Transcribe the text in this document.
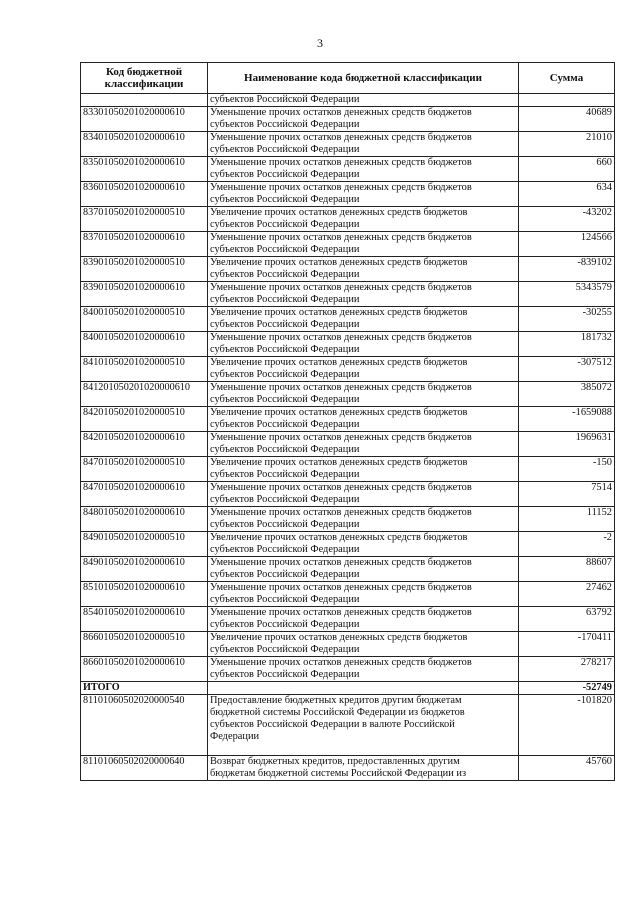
3
Код бюджетной классификации	Наименование кода бюджетной классификации	Сумма
	субъектов Российской Федерации	
83301050201020000610	Уменьшение прочих остатков денежных средств бюджетов
субъектов Российской Федерации	40689
83401050201020000610	Уменьшение прочих остатков денежных средств бюджетов
субъектов Российской Федерации	21010
83501050201020000610	Уменьшение прочих остатков денежных средств бюджетов
субъектов Российской Федерации	660
83601050201020000610	Уменьшение прочих остатков денежных средств бюджетов
субъектов Российской Федерации	634
83701050201020000510	Увеличение прочих остатков денежных средств бюджетов
субъектов Российской Федерации	-43202
83701050201020000610	Уменьшение прочих остатков денежных средств бюджетов
субъектов Российской Федерации	124566
83901050201020000510	Увеличение прочих остатков денежных средств бюджетов
субъектов Российской Федерации	-839102
83901050201020000610	Уменьшение прочих остатков денежных средств бюджетов
субъектов Российской Федерации	5343579
84001050201020000510	Увеличение прочих остатков денежных средств бюджетов
субъектов Российской Федерации	-30255
84001050201020000610	Уменьшение прочих остатков денежных средств бюджетов
субъектов Российской Федерации	181732
84101050201020000510	Увеличение прочих остатков денежных средств бюджетов
субъектов Российской Федерации	-307512
841201050201020000610	Уменьшение прочих остатков денежных средств бюджетов
субъектов Российской Федерации	385072
84201050201020000510	Увеличение прочих остатков денежных средств бюджетов
субъектов Российской Федерации	-1659088
84201050201020000610	Уменьшение прочих остатков денежных средств бюджетов
субъектов Российской Федерации	1969631
84701050201020000510	Увеличение прочих остатков денежных средств бюджетов
субъектов Российской Федерации	-150
84701050201020000610	Уменьшение прочих остатков денежных средств бюджетов
субъектов Российской Федерации	7514
84801050201020000610	Уменьшение прочих остатков денежных средств бюджетов
субъектов Российской Федерации	11152
84901050201020000510	Увеличение прочих остатков денежных средств бюджетов
субъектов Российской Федерации	-2
84901050201020000610	Уменьшение прочих остатков денежных средств бюджетов
субъектов Российской Федерации	88607
85101050201020000610	Уменьшение прочих остатков денежных средств бюджетов
субъектов Российской Федерации	27462
85401050201020000610	Уменьшение прочих остатков денежных средств бюджетов
субъектов Российской Федерации	63792
86601050201020000510	Увеличение прочих остатков денежных средств бюджетов
субъектов Российской Федерации	-170411
86601050201020000610	Уменьшение прочих остатков денежных средств бюджетов
субъектов Российской Федерации	278217
ИТОГО		-52749
81101060502020000540	Предоставление бюджетных кредитов другим бюджетам
бюджетной системы Российской Федерации из бюджетов
субъектов Российской Федерации в валюте Российской
Федерации	-101820
81101060502020000640	Возврат бюджетных кредитов, предоставленных другим
бюджетам бюджетной системы Российской Федерации из	45760
